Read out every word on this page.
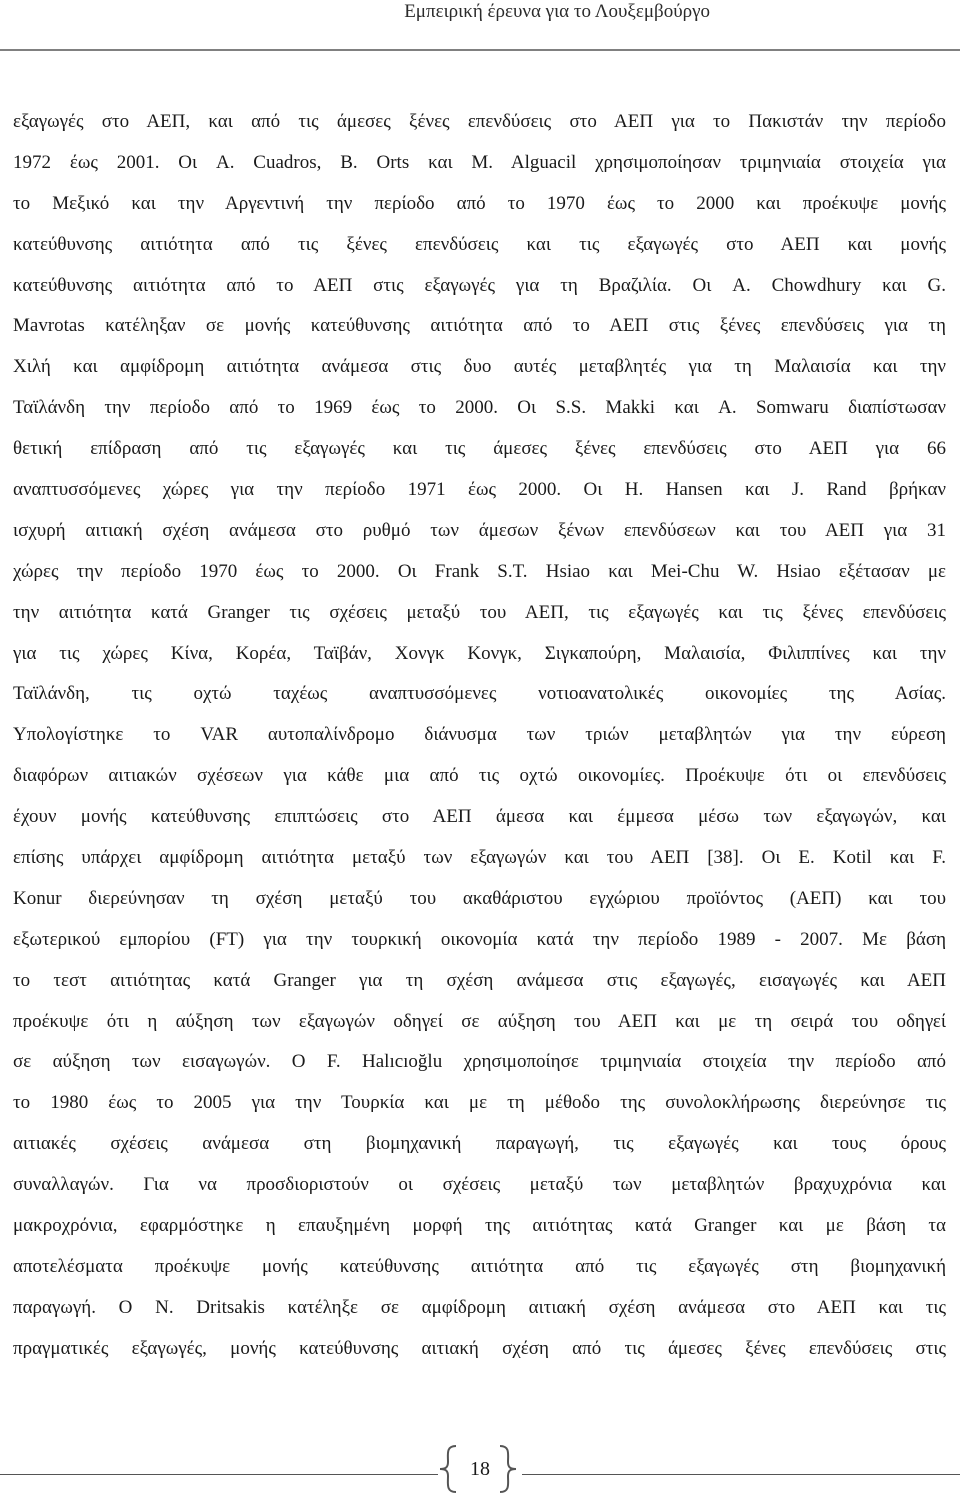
Εμπειρική έρευνα για το Λουξεμβούργο
εξαγωγές στο ΑΕΠ, και από τις άμεσες ξένες επενδύσεις στο ΑΕΠ για το Πακιστάν την περίοδο
1972 έως 2001. Οι A. Cuadros, B. Orts και M. Alguacil χρησιμοποίησαν τριμηνιαία στοιχεία για
το Μεξικό και την Αργεντινή την περίοδο από το 1970 έως το 2000 και προέκυψε μονής
κατεύθυνσης αιτιότητα από τις ξένες επενδύσεις και τις εξαγωγές στο ΑΕΠ και μονής
κατεύθυνσης αιτιότητα από το ΑΕΠ στις εξαγωγές για τη Βραζιλία. Οι A. Chowdhury και G.
Mavrotas κατέληξαν σε μονής κατεύθυνσης αιτιότητα από το ΑΕΠ στις ξένες επενδύσεις για τη
Χιλή και αμφίδρομη αιτιότητα ανάμεσα στις δυο αυτές μεταβλητές για τη Μαλαισία και την
Ταϊλάνδη την περίοδο από το 1969 έως το 2000. Οι S.S. Makki και A. Somwaru διαπίστωσαν
θετική επίδραση από τις εξαγωγές και τις άμεσες ξένες επενδύσεις στο ΑΕΠ για 66
αναπτυσσόμενες χώρες για την περίοδο 1971 έως 2000. Οι H. Hansen και J. Rand βρήκαν
ισχυρή αιτιακή σχέση ανάμεσα στο ρυθμό των άμεσων ξένων επενδύσεων και του ΑΕΠ για 31
χώρες την περίοδο 1970 έως το 2000. Οι Frank S.T. Hsiao και Mei-Chu W. Hsiao εξέτασαν με
την αιτιότητα κατά Granger τις σχέσεις μεταξύ του ΑΕΠ, τις εξαγωγές και τις ξένες επενδύσεις
για τις χώρες Κίνα, Κορέα, Ταϊβάν, Χονγκ Κονγκ, Σιγκαπούρη, Μαλαισία, Φιλιππίνες και την
Ταϊλάνδη, τις οχτώ ταχέως αναπτυσσόμενες νοτιοανατολικές οικονομίες της Ασίας.
Υπολογίστηκε το VAR αυτοπαλίνδρομο διάνυσμα των τριών μεταβλητών για την εύρεση
διαφόρων αιτιακών σχέσεων για κάθε μια από τις οχτώ οικονομίες. Προέκυψε ότι οι επενδύσεις
έχουν μονής κατεύθυνσης επιπτώσεις στο ΑΕΠ άμεσα και έμμεσα μέσω των εξαγωγών, και
επίσης υπάρχει αμφίδρομη αιτιότητα μεταξύ των εξαγωγών και του ΑΕΠ [38]. Οι E. Kotil και F.
Konur διερεύνησαν τη σχέση μεταξύ του ακαθάριστου εγχώριου προϊόντος (ΑΕΠ) και του
εξωτερικού εμπορίου (FT) για την τουρκική οικονομία κατά την περίοδο 1989 - 2007. Με βάση
το τεστ αιτιότητας κατά Granger για τη σχέση ανάμεσα στις εξαγωγές, εισαγωγές και ΑΕΠ
προέκυψε ότι η αύξηση των εξαγωγών οδηγεί σε αύξηση του ΑΕΠ και με τη σειρά του οδηγεί
σε αύξηση των εισαγωγών. Ο F. Halıcıoğlu χρησιμοποίησε τριμηνιαία στοιχεία την περίοδο από
το 1980 έως το 2005 για την Τουρκία και με τη μέθοδο της συνολοκλήρωσης διερεύνησε τις
αιτιακές σχέσεις ανάμεσα στη βιομηχανική παραγωγή, τις εξαγωγές και τους όρους
συναλλαγών. Για να προσδιοριστούν οι σχέσεις μεταξύ των μεταβλητών βραχυχρόνια και
μακροχρόνια, εφαρμόστηκε η επαυξημένη μορφή της αιτιότητας κατά Granger και με βάση τα
αποτελέσματα προέκυψε μονής κατεύθυνσης αιτιότητα από τις εξαγωγές στη βιομηχανική
παραγωγή. Ο N. Dritsakis κατέληξε σε αμφίδρομη αιτιακή σχέση ανάμεσα στο ΑΕΠ και τις
πραγματικές εξαγωγές, μονής κατεύθυνσης αιτιακή σχέση από τις άμεσες ξένες επενδύσεις στις
18
